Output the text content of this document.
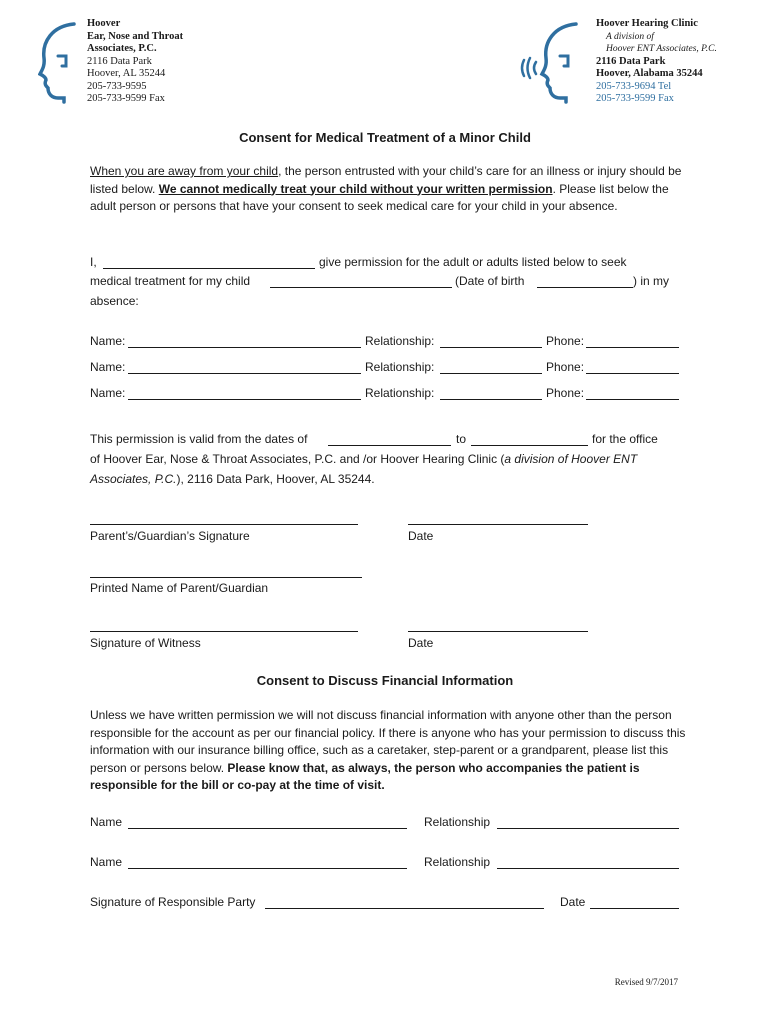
Hoover
Ear, Nose and Throat
Associates, P.C.
2116 Data Park
Hoover, AL 35244
205-733-9595
205-733-9599 Fax
Hoover Hearing Clinic
A division of
Hoover ENT Associates, P.C.
2116 Data Park
Hoover, Alabama 35244
205-733-9694 Tel
205-733-9599 Fax
Consent for Medical Treatment of a Minor Child
When you are away from your child, the person entrusted with your child’s care for an illness or injury should be listed below. We cannot medically treat your child without your written permission. Please list below the adult person or persons that have your consent to seek medical care for your child in your absence.
I,	give permission for the adult or adults listed below to seek
medical treatment for my child	(Date of birth	) in my
absence:
Name:	Relationship:	Phone:
Name:	Relationship:	Phone:
Name:	Relationship:	Phone:
This permission is valid from the dates of	to	for the office
of Hoover Ear, Nose & Throat Associates, P.C. and /or Hoover Hearing Clinic (a division of Hoover ENT
Associates, P.C.), 2116 Data Park, Hoover, AL 35244.
Parent’s/Guardian’s Signature	Date
Printed Name of Parent/Guardian
Signature of Witness	Date
Consent to Discuss Financial Information
Unless we have written permission we will not discuss financial information with anyone other than the person responsible for the account as per our financial policy. If there is anyone who has your permission to discuss this information with our insurance billing office, such as a caretaker, step-parent or a grandparent, please list this person or persons below. Please know that, as always, the person who accompanies the patient is responsible for the bill or co-pay at the time of visit.
Name	Relationship
Name	Relationship
Signature of Responsible Party	Date
Revised 9/7/2017
